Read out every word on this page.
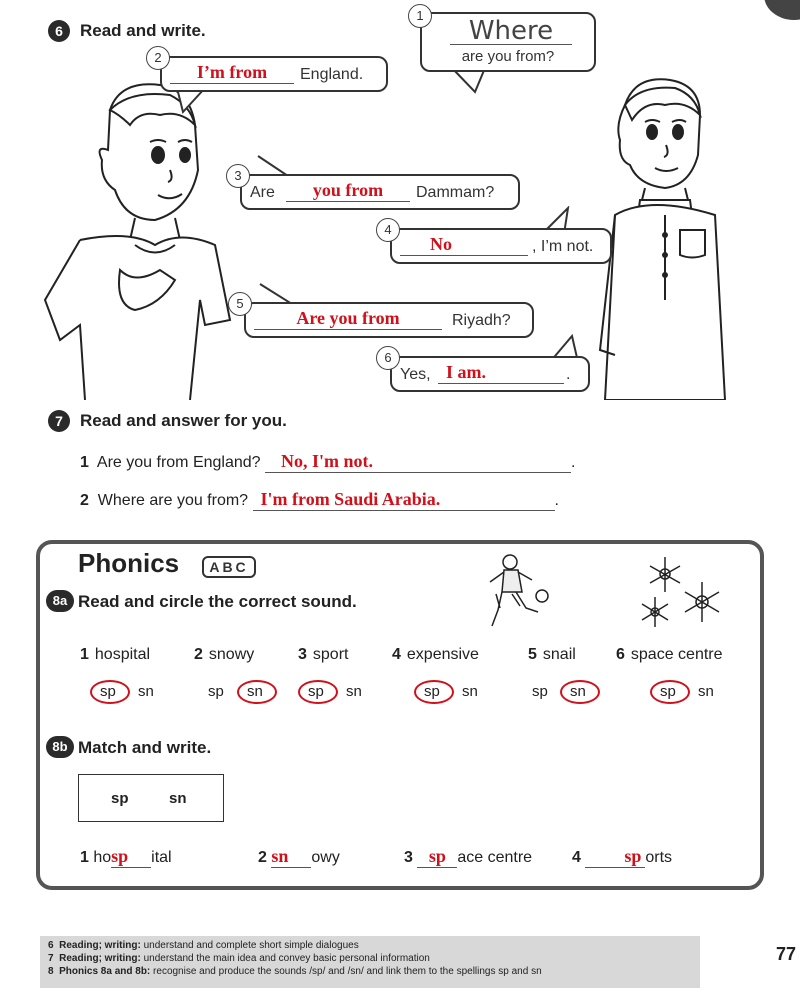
6	Read and write.	Where
are you from?
1
I’m from	England.
2
Are	you from	Dammam?
3
No	, I’m not.
4
Are you from	Riyadh?
5
Yes, I am.	.
6
7	Read and answer for you.
1 Are you from England? No, I'm not.	.
2 Where are you from? I'm from Saudi Arabia.	.
Phonics	ABC
8a Read and circle the correct sound.
1 hospital	2 snowy	3 sport	4 expensive	5 snail	6 space centre
sp sn	sp sn	sp sn	sp sn	sp sn	sp sn
8b Match and write.
sp	sn
1 hosp ital	2 sn owy	3 sp ace centre 4 sp orts
6 Reading; writing: understand and complete short simple dialogues
7 Reading; writing: understand the main idea and convey basic personal information
8 Phonics 8a and 8b: recognise and produce the sounds /sp/ and /sn/ and link them to the spellings sp and sn
77
